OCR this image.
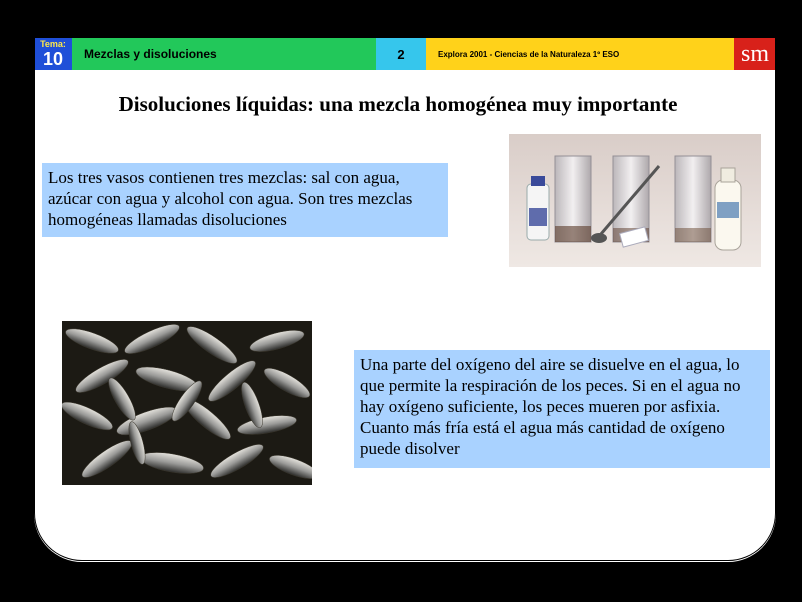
Tema:
10	Mezclas y disoluciones	2	Explora 2001 - Ciencias de la Naturaleza 1º ESO	sm
Disoluciones líquidas: una mezcla homogénea muy importante
Los tres vasos contienen tres mezclas: sal con agua, azúcar con agua y alcohol con agua. Son tres mezclas homogéneas llamadas disoluciones
Una parte del oxígeno del aire se disuelve en el agua, lo que permite la respiración de los peces. Si en el agua no hay oxígeno suficiente, los peces mueren por asfixia. Cuanto más fría está el agua más cantidad de oxígeno puede disolver
